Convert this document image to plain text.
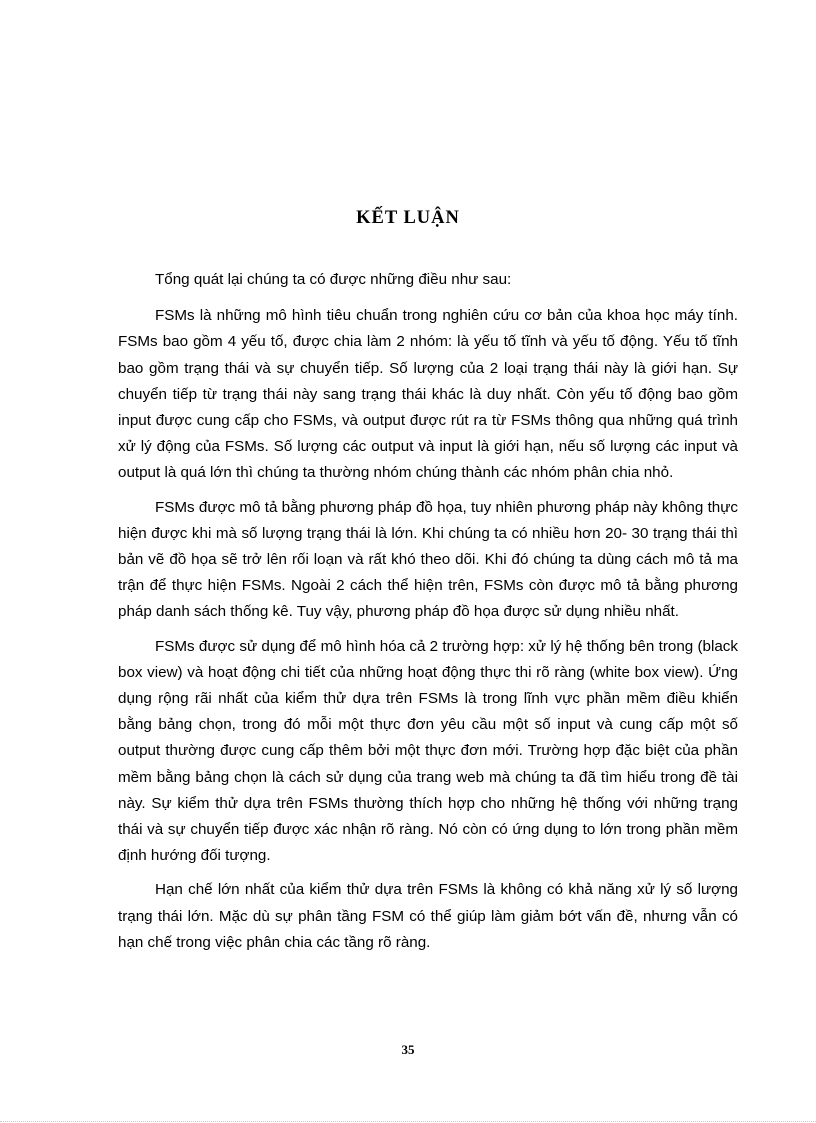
KẾT LUẬN

Tổng quát lại chúng ta có được những điều như sau:

FSMs là những mô hình tiêu chuẩn trong nghiên cứu cơ bản của khoa học máy tính. FSMs bao gồm 4 yếu tố, được chia làm 2 nhóm: là yếu tố tĩnh và yếu tố động. Yếu tố tĩnh bao gồm trạng thái và sự chuyển tiếp. Số lượng của 2 loại trạng thái này là giới hạn. Sự chuyển tiếp từ trạng thái này sang trạng thái khác là duy nhất. Còn yếu tố động bao gồm input được cung cấp cho FSMs, và output được rút ra từ FSMs thông qua những quá trình xử lý động của FSMs. Số lượng các output và input là giới hạn, nếu số lượng các input và output là quá lớn thì chúng ta thường nhóm chúng thành các nhóm phân chia nhỏ.

FSMs được mô tả bằng phương pháp đồ họa, tuy nhiên phương pháp này không thực hiện được khi mà số lượng trạng thái là lớn. Khi chúng ta có nhiều hơn 20- 30 trạng thái thì bản vẽ đồ họa sẽ trở lên rối loạn và rất khó theo dõi. Khi đó chúng ta dùng cách mô tả ma trận để thực hiện FSMs. Ngoài 2 cách thể hiện trên, FSMs còn được mô tả bằng phương pháp danh sách thống kê. Tuy vậy, phương pháp đồ họa được sử dụng nhiều nhất.

FSMs được sử dụng để mô hình hóa cả 2 trường hợp: xử lý hệ thống bên trong (black box view) và hoạt động chi tiết của những hoạt động thực thi rõ ràng (white box view). Ứng dụng rộng rãi nhất của kiểm thử dựa trên FSMs là trong lĩnh vực phần mềm điều khiển bằng bảng chọn, trong đó mỗi một thực đơn yêu cầu một số input và cung cấp một số output thường được cung cấp thêm bởi một thực đơn mới. Trường hợp đặc biệt của phần mềm bằng bảng chọn là cách sử dụng của trang web mà chúng ta đã tìm hiểu trong đề tài này. Sự kiểm thử dựa trên FSMs thường thích hợp cho những hệ thống với những trạng thái và sự chuyển tiếp được xác nhận rõ ràng. Nó còn có ứng dụng to lớn trong phần mềm định hướng đối tượng.

Hạn chế lớn nhất của kiểm thử dựa trên FSMs là không có khả năng xử lý số lượng trạng thái lớn. Mặc dù sự phân tầng FSM có thể giúp làm giảm bớt vấn đề, nhưng vẫn có hạn chế trong việc phân chia các tầng rõ ràng.

35
